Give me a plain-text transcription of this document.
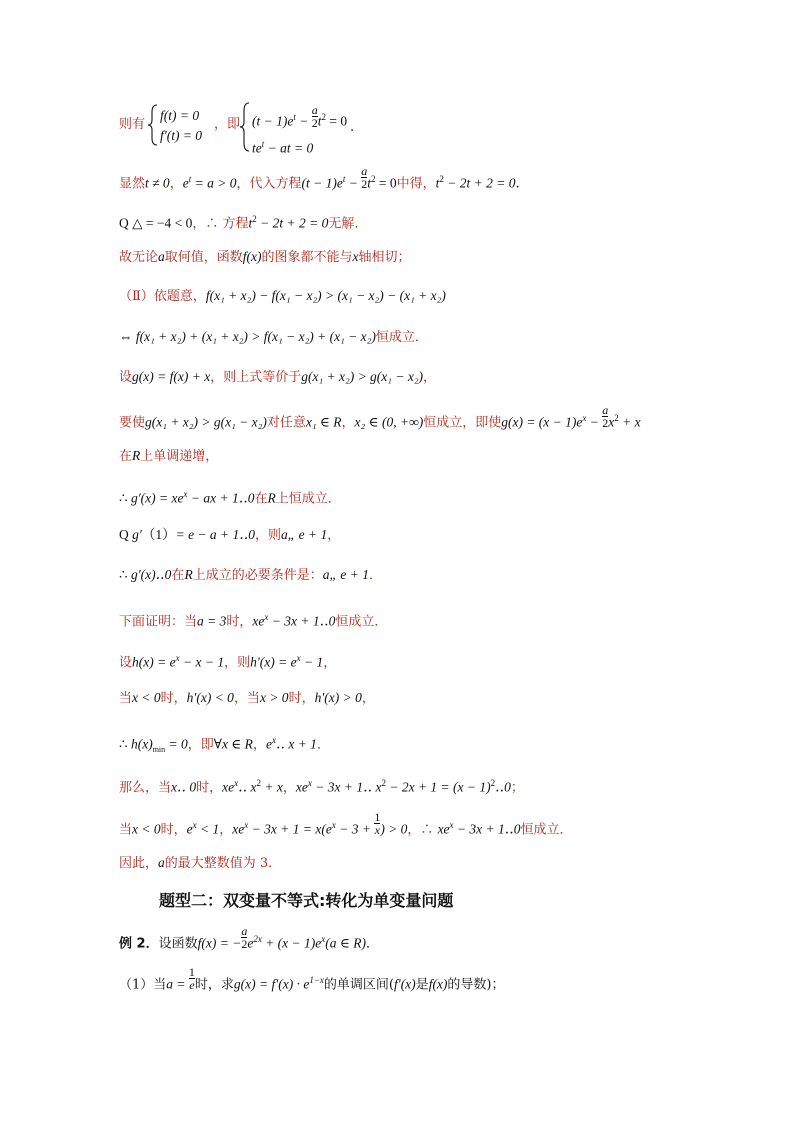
则有
f(t) = 0
f′(t) = 0
，即 $(t - 1)e^t - \frac{a}{2} t^2 = 0$
$te^t$ − at = 0
.
显然t ≠ 0，$e^t = a > 0$，代入方程$(t - 1)e^t - \frac{a}{2} t^2 = 0$中得，$t^2 - 2t + 2 = 0$.
Q △ = −4 < 0，∴ 方程$t^2 - 2t + 2 = 0$无解．
故无论a取何值，函数f(x)的图象都不能与x轴相切；
（Ⅱ）依题意，f(x₁ + x₂) − f(x₁ − x₂) > (x₁ − x₂) − (x₁ + x₂)
⇔ f(x₁ + x₂) + (x₁ + x₂) > f(x₁ − x₂) + (x₁ − x₂)恒成立．
设g(x) = f(x) + x，则上式等价于g(x₁ + x₂) > g(x₁ − x₂)，
要使g(x₁ + x₂) > g(x₁ − x₂)对任意x₁ ∈ R，x₂ ∈ (0, +∞)恒成立，即使$g(x) = (x - 1)e^x - \frac{a}{2} x^2 + x$
在R上单调递增，
∴ $g'(x) = xe^x$ − ax + 1‥0在R上恒成立．
Q g′（1）= e − a + 1‥0，则a„ e + 1，
∴ g′(x)‥0在R上成立的必要条件是：a„ e + 1．
下面证明：当a = 3时，$xe^x - 3x$ + 1‥0恒成立．
设$h(x) = e^x - x - 1$，则$h'(x) = e^x - 1$，
当x < 0时，h′(x) < 0，当x > 0时，h′(x) > 0，
∴ $h(x)_{min} = 0$，即∀x ∈ R，$e^x‥$ x + 1．
那么，当x‥ 0时，$xe^x‥$ $x^2 + x$，$xe^x - 3x$ + 1‥ $x^2 - 2x + 1 = (x$ − $1)^2‥0$；
当x < 0时，$e^x < 1$，$xe^x - 3x + 1 = x(e^x - 3 + \frac{1}{x}$ ) > 0，∴ $xe^x - 3x$ + 1‥0恒成立．
因此，a的最大整数值为 3．
题型二：双变量不等式:转化为单变量问题
例 2．设函数f(x) = − $\frac{a}{2} e^{2x} + (x - 1)e^x(a$ ∈ R)．
（1）当$a = \frac{1}{e}$ 时，求$g(x) = f'(x) \cdot e^{1-x}$的单调区间(f′(x)是f(x)的导数)；
